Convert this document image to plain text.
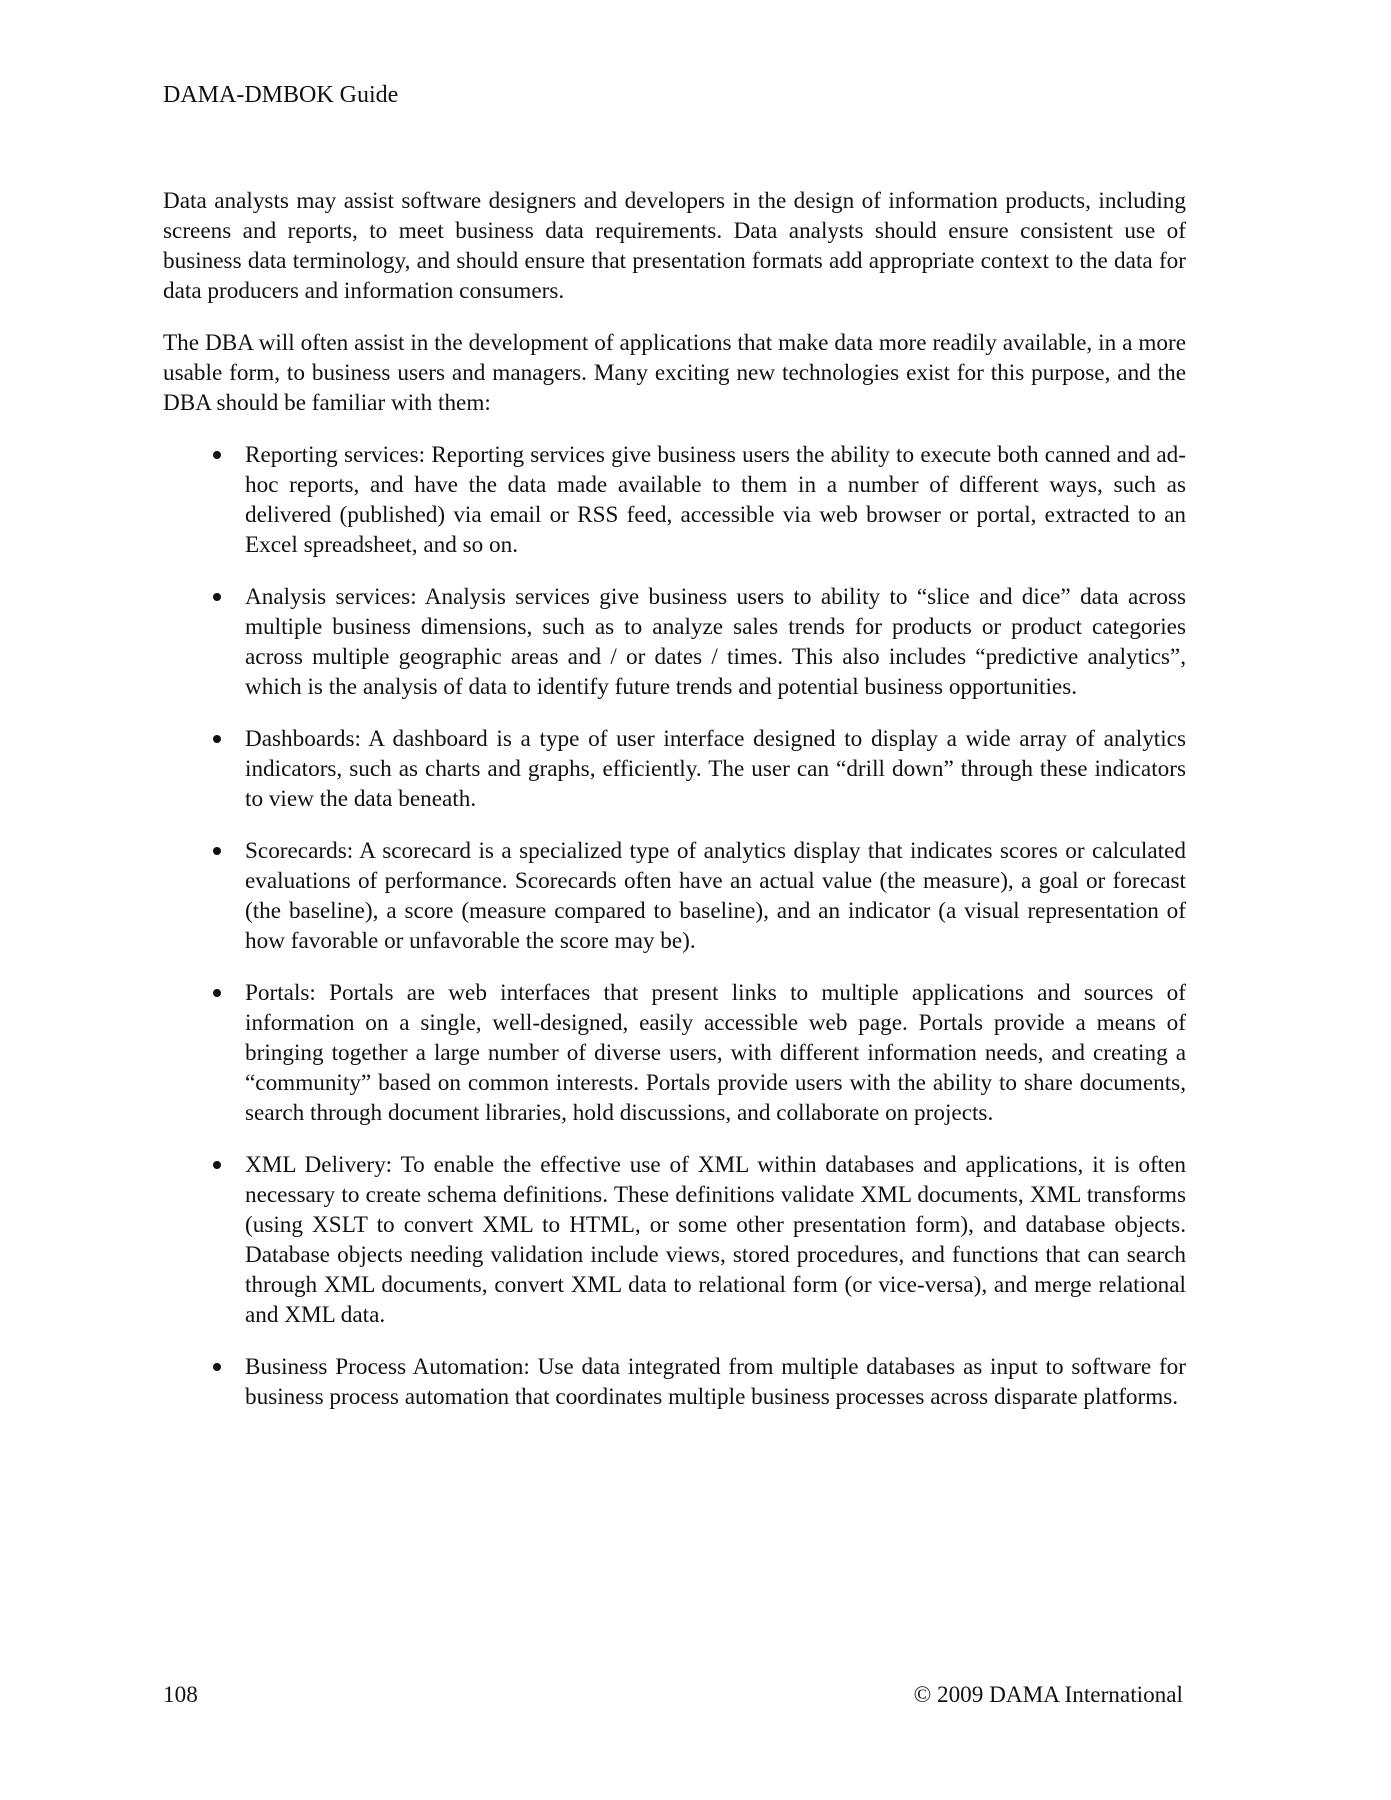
DAMA-DMBOK Guide

Data analysts may assist software designers and developers in the design of information products, including screens and reports, to meet business data requirements. Data analysts should ensure consistent use of business data terminology, and should ensure that presentation formats add appropriate context to the data for data producers and information consumers.

The DBA will often assist in the development of applications that make data more readily available, in a more usable form, to business users and managers. Many exciting new technologies exist for this purpose, and the DBA should be familiar with them:

Reporting services: Reporting services give business users the ability to execute both canned and ad-hoc reports, and have the data made available to them in a number of different ways, such as delivered (published) via email or RSS feed, accessible via web browser or portal, extracted to an Excel spreadsheet, and so on.
Analysis services: Analysis services give business users to ability to “slice and dice” data across multiple business dimensions, such as to analyze sales trends for products or product categories across multiple geographic areas and / or dates / times. This also includes “predictive analytics”, which is the analysis of data to identify future trends and potential business opportunities.
Dashboards: A dashboard is a type of user interface designed to display a wide array of analytics indicators, such as charts and graphs, efficiently. The user can “drill down” through these indicators to view the data beneath.
Scorecards: A scorecard is a specialized type of analytics display that indicates scores or calculated evaluations of performance. Scorecards often have an actual value (the measure), a goal or forecast (the baseline), a score (measure compared to baseline), and an indicator (a visual representation of how favorable or unfavorable the score may be).
Portals: Portals are web interfaces that present links to multiple applications and sources of information on a single, well-designed, easily accessible web page. Portals provide a means of bringing together a large number of diverse users, with different information needs, and creating a “community” based on common interests. Portals provide users with the ability to share documents, search through document libraries, hold discussions, and collaborate on projects.
XML Delivery: To enable the effective use of XML within databases and applications, it is often necessary to create schema definitions. These definitions validate XML documents, XML transforms (using XSLT to convert XML to HTML, or some other presentation form), and database objects. Database objects needing validation include views, stored procedures, and functions that can search through XML documents, convert XML data to relational form (or vice-versa), and merge relational and XML data.
Business Process Automation: Use data integrated from multiple databases as input to software for business process automation that coordinates multiple business processes across disparate platforms.
108	© 2009 DAMA International
